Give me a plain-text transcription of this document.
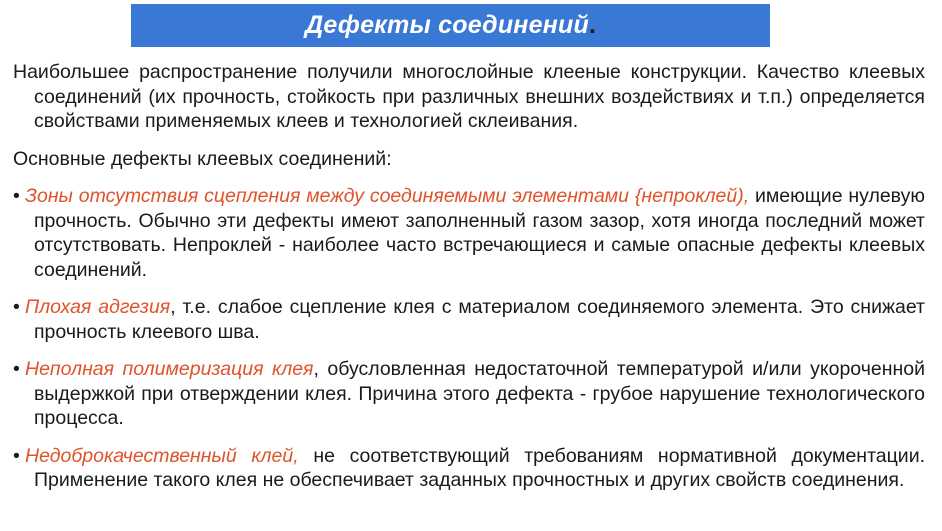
Дефекты соединений .

Наибольшее распространение получили многослойные клееные конструкции. Качество клеевых соединений (их прочность, стойкость при различных внешних воздействиях и т.п.) определяется свойствами применяемых клеев и технологией склеивания.

Основные дефекты клеевых соединений:

• Зоны отсутствия сцепления между соединяемыми элементами {непроклей), имеющие нулевую прочность. Обычно эти дефекты имеют заполненный газом зазор, хотя иногда последний может отсутствовать. Непроклей - наиболее часто встречающиеся и самые опасные дефекты клеевых соединений.

• Плохая адгезия, т.е. слабое сцепление клея с материалом соединяемого элемента. Это снижает прочность клеевого шва.

• Неполная полимеризация клея, обусловленная недостаточной температурой и/или укороченной выдержкой при отверждении клея. Причина этого дефекта - грубое нарушение технологического процесса.

• Недоброкачественный клей, не соответствующий требованиям нормативной документации. Применение такого клея не обеспечивает заданных прочностных и других свойств соединения.
